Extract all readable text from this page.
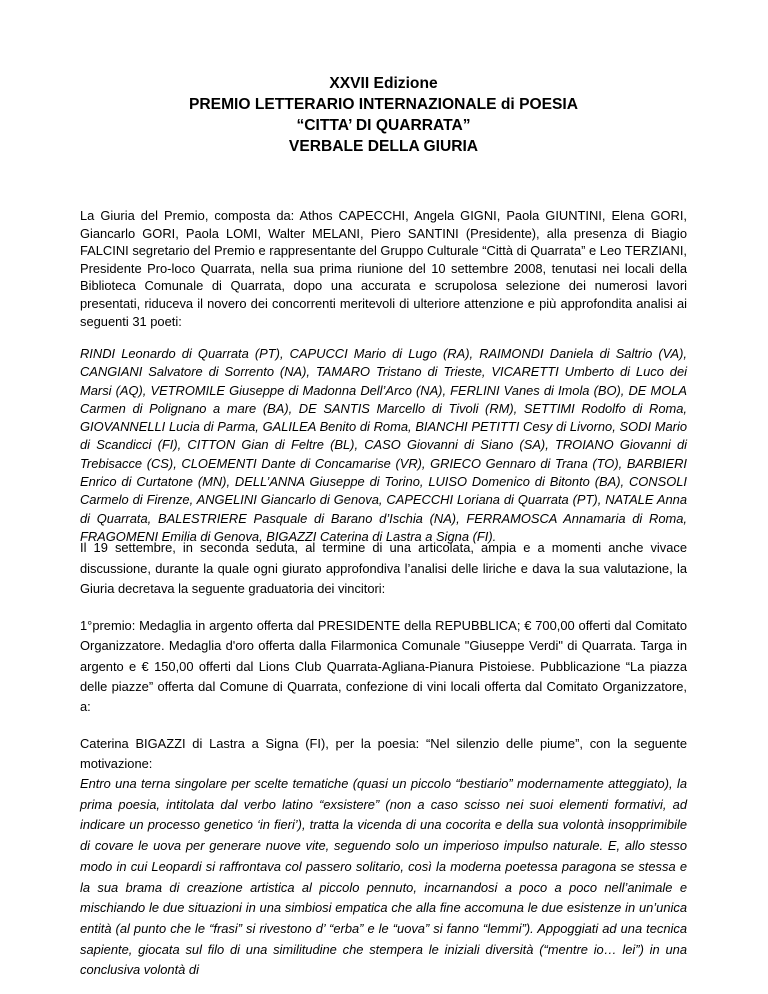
XXVII Edizione
PREMIO LETTERARIO INTERNAZIONALE di POESIA
“CITTA’ DI QUARRATA”
VERBALE DELLA GIURIA

La Giuria del Premio, composta da: Athos CAPECCHI, Angela GIGNI, Paola GIUNTINI, Elena GORI, Giancarlo GORI, Paola LOMI, Walter MELANI, Piero SANTINI (Presidente), alla presenza di Biagio FALCINI segretario del Premio e rappresentante del Gruppo Culturale “Città di Quarrata” e Leo TERZIANI, Presidente Pro-loco Quarrata, nella sua prima riunione del 10 settembre 2008, tenutasi nei locali della Biblioteca Comunale di Quarrata, dopo una accurata e scrupolosa selezione dei numerosi lavori presentati, riduceva il novero dei concorrenti meritevoli di ulteriore attenzione e più approfondita analisi ai seguenti 31 poeti:

RINDI Leonardo di Quarrata (PT), CAPUCCI Mario di Lugo (RA), RAIMONDI Daniela di Saltrio (VA), CANGIANI Salvatore di Sorrento (NA), TAMARO Tristano di Trieste, VICARETTI Umberto di Luco dei Marsi (AQ), VETROMILE Giuseppe di Madonna Dell’Arco (NA), FERLINI Vanes di Imola (BO), DE MOLA Carmen di Polignano a mare (BA), DE SANTIS Marcello di Tivoli (RM), SETTIMI Rodolfo di Roma, GIOVANNELLI Lucia di Parma, GALILEA Benito di Roma, BIANCHI PETITTI Cesy di Livorno, SODI Mario di Scandicci (FI), CITTON Gian di Feltre (BL), CASO Giovanni di Siano (SA), TROIANO Giovanni di Trebisacce (CS), CLOEMENTI Dante di Concamarise (VR), GRIECO Gennaro di Trana (TO), BARBIERI Enrico di Curtatone (MN), DELL’ANNA Giuseppe di Torino, LUISO Domenico di Bitonto (BA), CONSOLI Carmelo di Firenze, ANGELINI Giancarlo di Genova, CAPECCHI Loriana di Quarrata (PT), NATALE Anna di Quarrata, BALESTRIERE Pasquale di Barano d’Ischia (NA), FERRAMOSCA Annamaria di Roma, FRAGOMENI Emilia di Genova, BIGAZZI Caterina di Lastra a Signa (FI).

Il 19 settembre, in seconda seduta, al termine di una articolata, ampia e a momenti anche vivace discussione, durante la quale ogni giurato approfondiva l’analisi delle liriche e dava la sua valutazione, la Giuria decretava la seguente graduatoria dei vincitori:

1°premio: Medaglia in argento offerta dal PRESIDENTE della REPUBBLICA; € 700,00 offerti dal Comitato Organizzatore. Medaglia d'oro offerta dalla Filarmonica Comunale "Giuseppe Verdi" di Quarrata. Targa in argento e € 150,00 offerti dal Lions Club Quarrata-Agliana-Pianura Pistoiese. Pubblicazione “La piazza delle piazze” offerta dal Comune di Quarrata, confezione di vini locali offerta dal Comitato Organizzatore, a:

Caterina BIGAZZI di Lastra a Signa (FI), per la poesia: “Nel silenzio delle piume”, con la seguente motivazione:

Entro una terna singolare per scelte tematiche (quasi un piccolo “bestiario” modernamente atteggiato), la prima poesia, intitolata dal verbo latino “exsistere” (non a caso scisso nei suoi elementi formativi, ad indicare un processo genetico ‘in fieri’), tratta la vicenda di una cocorita e della sua volontà insopprimibile di covare le uova per generare nuove vite, seguendo solo un imperioso impulso naturale. E, allo stesso modo in cui Leopardi si raffrontava col passero solitario, così la moderna poetessa paragona se stessa e la sua brama di creazione artistica al piccolo pennuto, incarnandosi a poco a poco nell’animale e mischiando le due situazioni in una simbiosi empatica che alla fine accomuna le due esistenze in un’unica entità (al punto che le “frasi” si rivestono d’ “erba” e le “uova” si fanno “lemmi”). Appoggiati ad una tecnica sapiente, giocata sul filo di una similitudine che stempera le iniziali diversità (“mentre io… lei”) in una conclusiva volontà di
